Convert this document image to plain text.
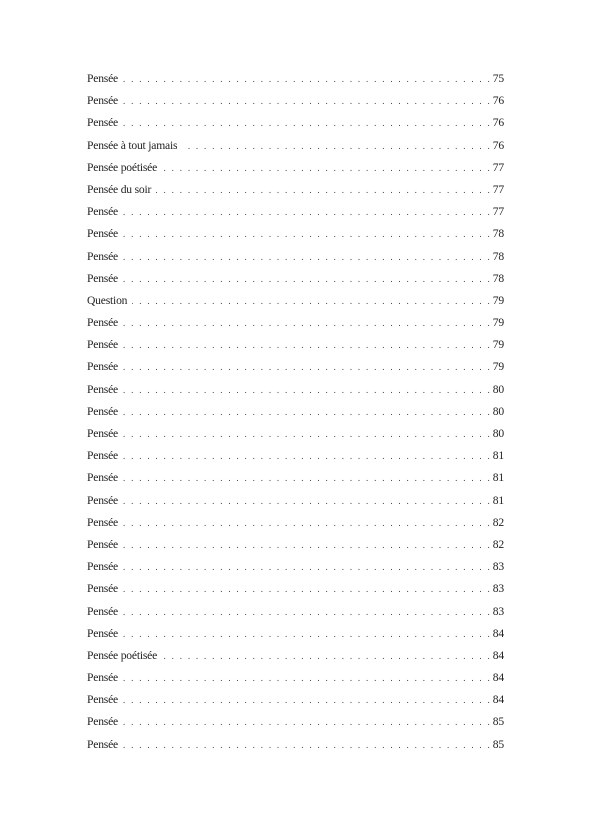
Pensée . . .	75
Pensée . . .	76
Pensée . . .	76
Pensée à tout jamais . . .	76
Pensée poétisée . . .	77
Pensée du soir . . .	77
Pensée . . .	77
Pensée . . .	78
Pensée . . .	78
Pensée . . .	78
Question . . .	79
Pensée . . .	79
Pensée . . .	79
Pensée . . .	79
Pensée . . .	80
Pensée . . .	80
Pensée . . .	80
Pensée . . .	81
Pensée . . .	81
Pensée . . .	81
Pensée . . .	82
Pensée . . .	82
Pensée . . .	83
Pensée . . .	83
Pensée . . .	83
Pensée . . .	84
Pensée poétisée . . .	84
Pensée . . .	84
Pensée . . .	84
Pensée . . .	85
Pensée . . .	85
